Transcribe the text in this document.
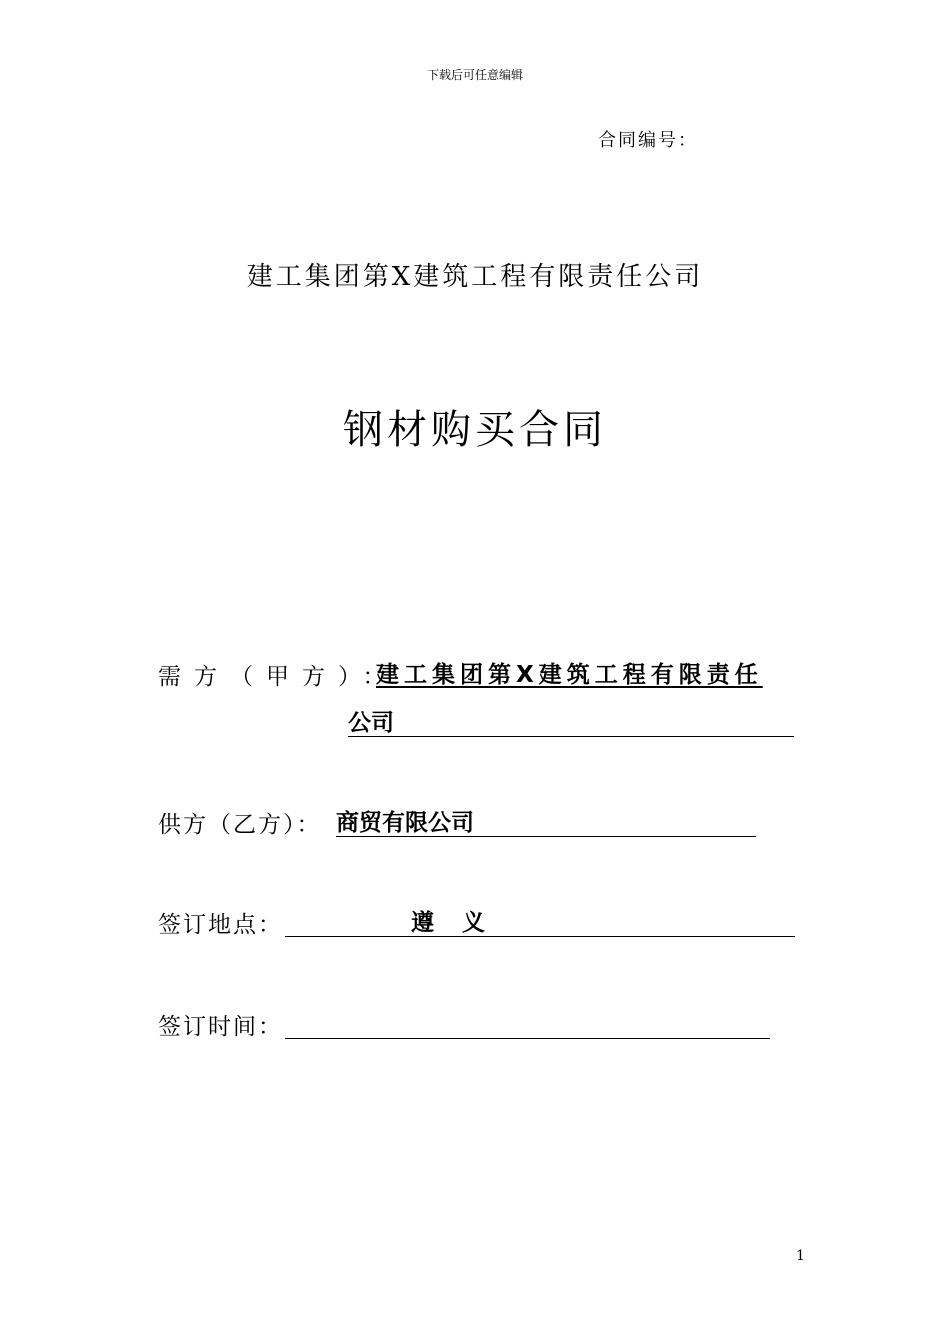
下载后可任意编辑
合同编号：
建工集团第X建筑工程有限责任公司
钢材购买合同
需方（甲方）：
建工集团第X建筑工程有限责任
公司
供方（乙方）： 商贸有限公司
签订地点：	遵义
签订时间：
1
